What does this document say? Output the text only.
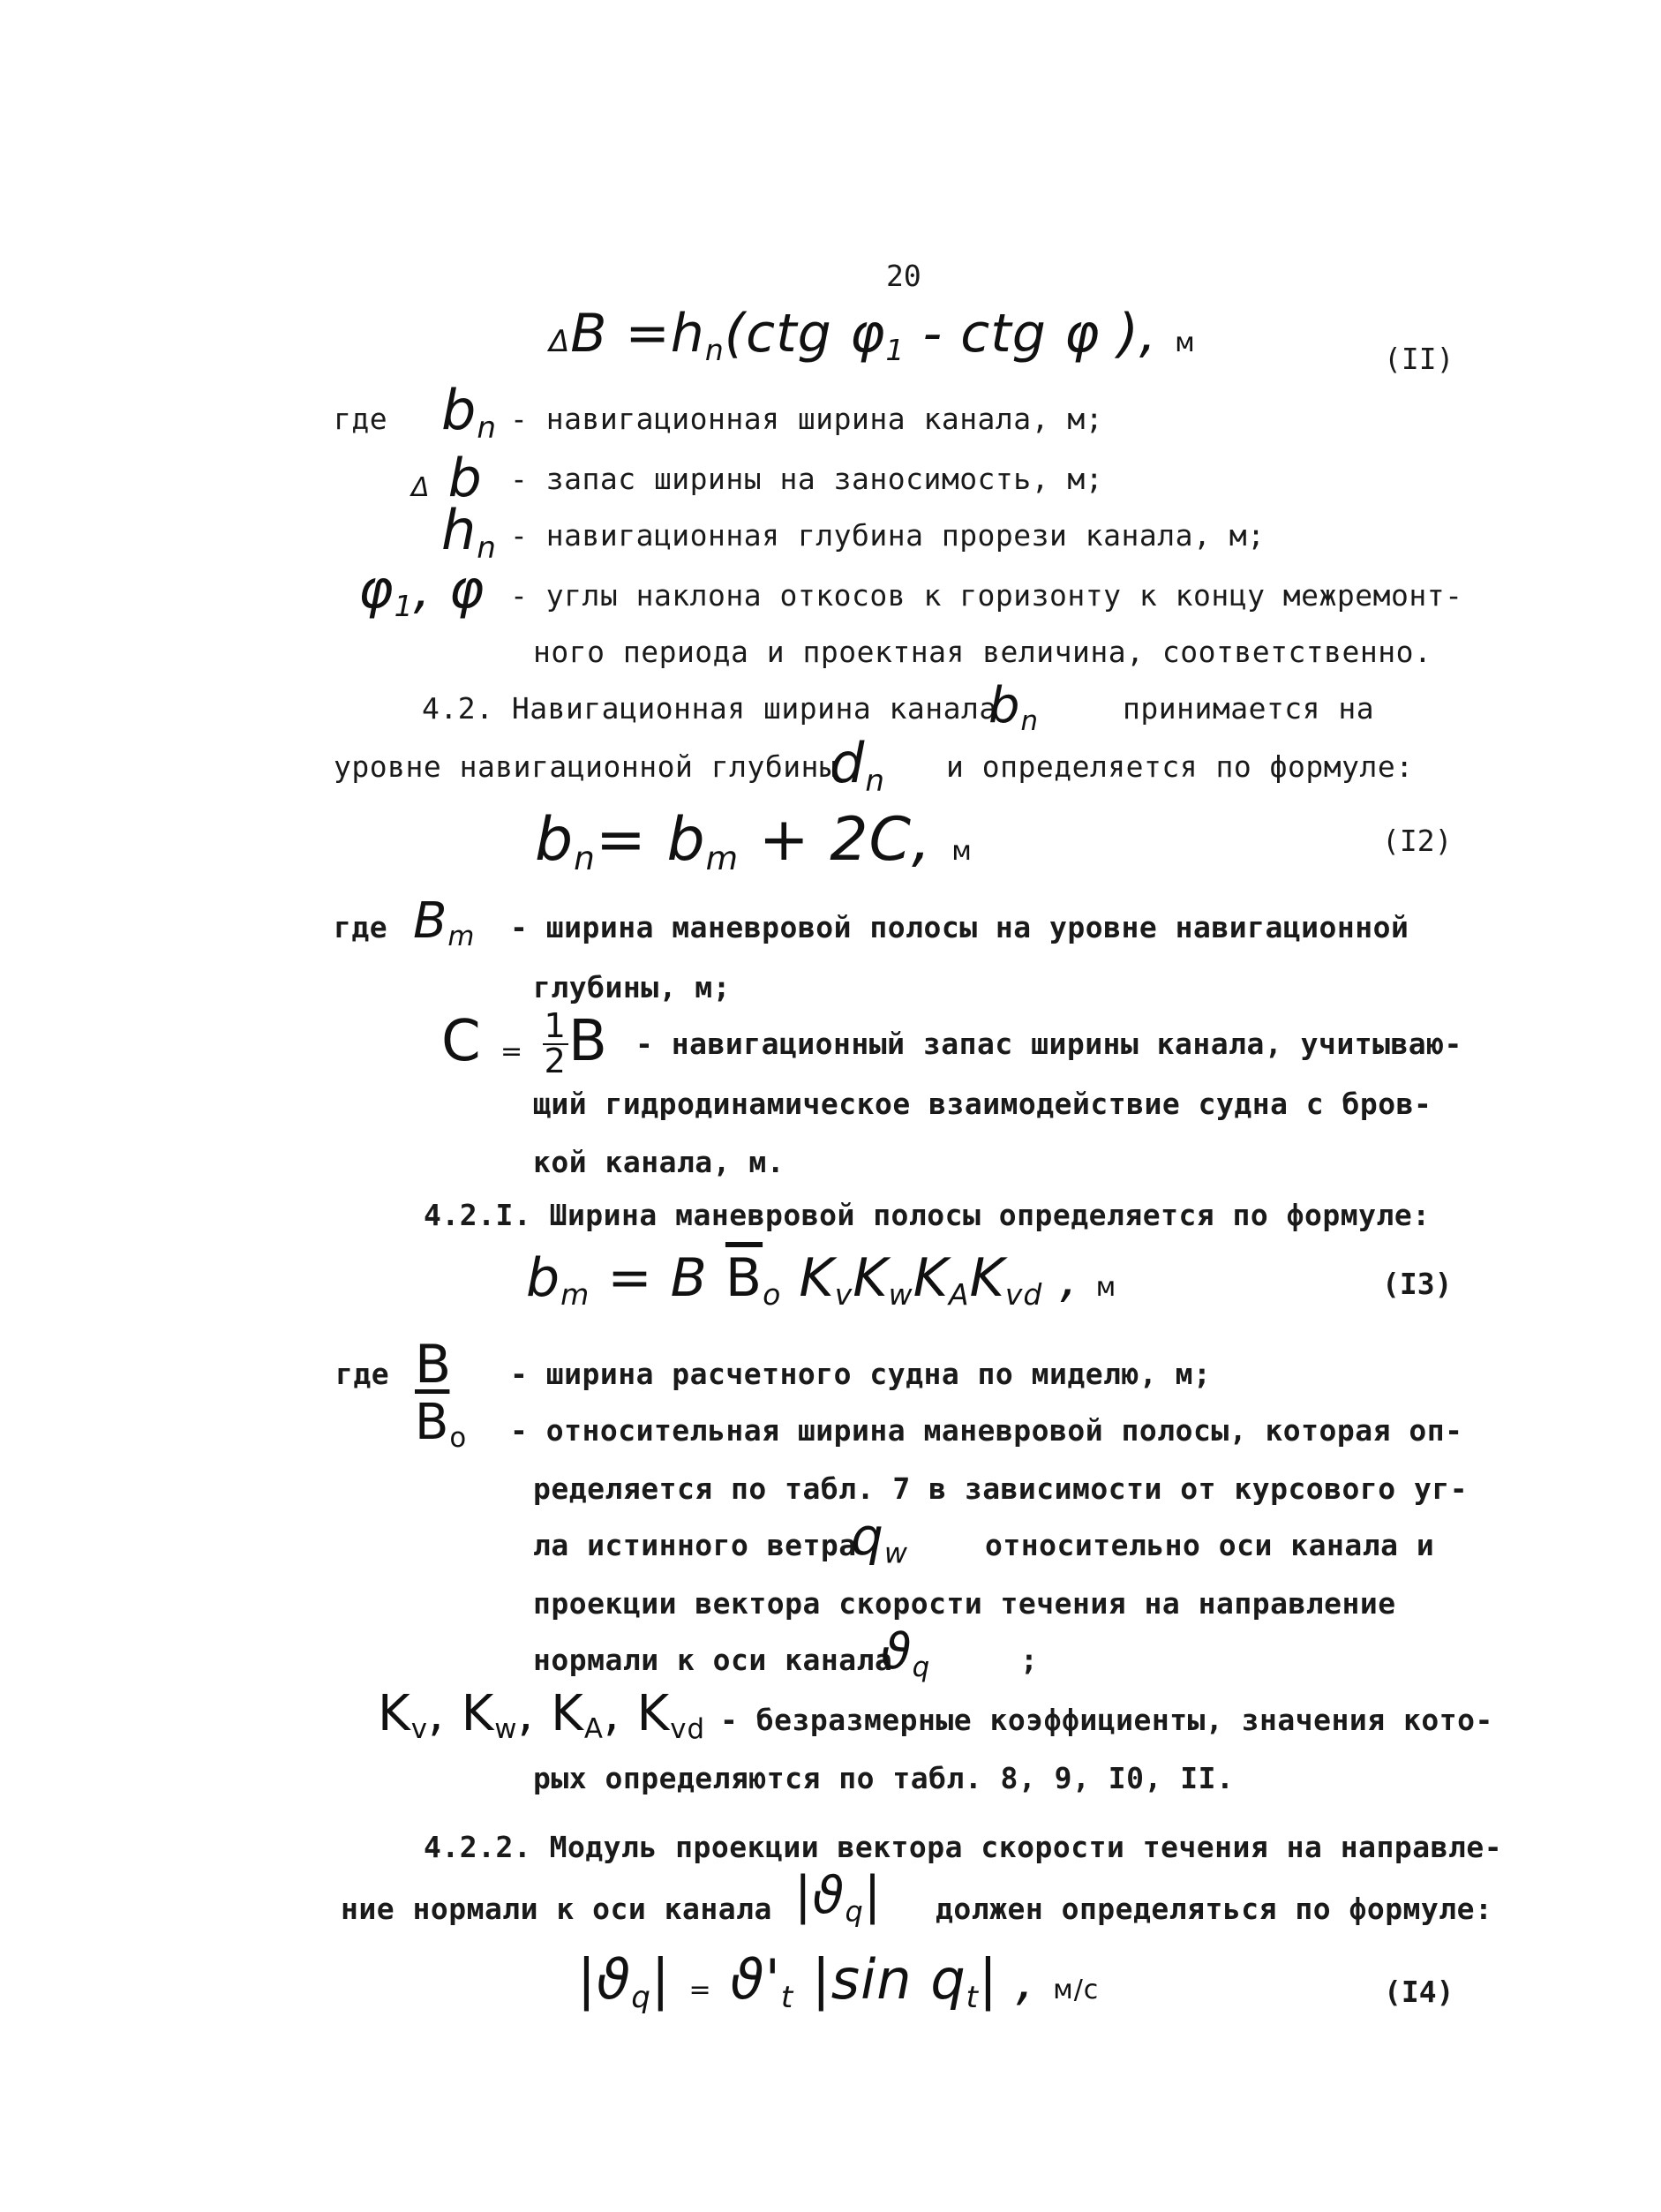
20
$\Delta B =h_n(ctg$ $\varphi_1$ - ctg φ ), м	(II)
где $b_n$ - навигационная ширина канала, м;
Δ b - запас ширины на заносимость, м;
$h_n$ - навигационная глубина прорези канала, м;
$\varphi_1$, φ - углы наклона откосов к горизонту к концу межремонт-
ного периода и проектная величина, соответственно.
4.2. Навигационная ширина канала
$b_n$	принимается на
уровне навигационной глубины
$d_n$ и определяется по формуле:
$b_n= b_m + 2C$, м	(I2)
где $B_m$ - ширина маневровой полосы на уровне навигационной
глубины, м;
$C = \frac{1}{2}$ B - навигационный запас ширины канала, учитываю-
щий гидродинамическое взаимодействие судна с бров-
кой канала, м.
4.2.I. Ширина маневровой полосы определяется по формуле:
$b_m = B$ $\overline{B}_o$ $K_vK_wK_AK_{vd}$ , м	(I3)
где B - ширина расчетного судна по миделю, м;
$\overline{B}_o$ - относительная ширина маневровой полосы, которая оп-
ределяется по табл. 7 в зависимости от курсового уг-
ла истинного ветра
$q_w$	относительно оси канала и
проекции вектора скорости течения на направление
нормали к оси канала
$ϑ_q$	;
$K_v$, $K_w$, $K_A$, $K_{vd}$ - безразмерные коэффициенты, значения кото-
рых определяются по табл. 8, 9, I0, II.
4.2.2. Модуль проекции вектора скорости течения на направле-
ние нормали к оси канала $|ϑ_q|$ должен определяться по формуле:
$|ϑ_q| = ϑ'_t$ |sin $q_t|$ , м/с	(I4)
